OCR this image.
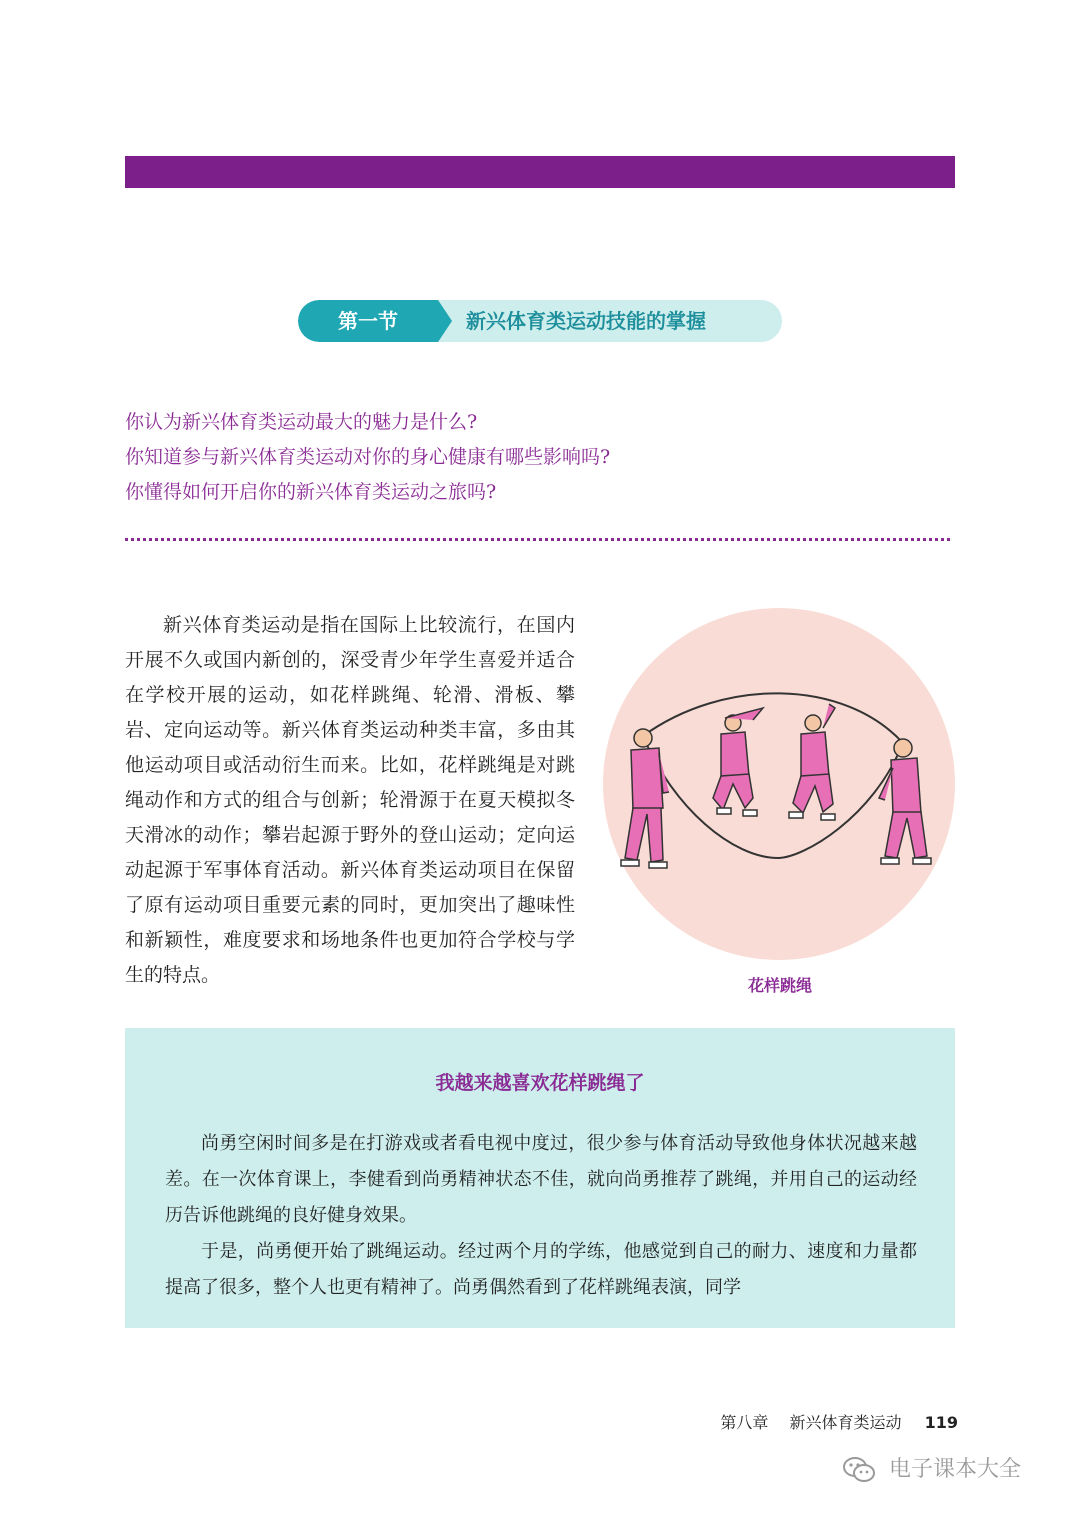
第一节	新兴体育类运动技能的掌握
你认为新兴体育类运动最大的魅力是什么?
你知道参与新兴体育类运动对你的身心健康有哪些影响吗?
你懂得如何开启你的新兴体育类运动之旅吗?

新兴体育类运动是指在国际上比较流行，在国内开展不久或国内新创的，深受青少年学生喜爱并适合在学校开展的运动，如花样跳绳、轮滑、滑板、攀岩、定向运动等。新兴体育类运动种类丰富，多由其他运动项目或活动衍生而来。比如，花样跳绳是对跳绳动作和方式的组合与创新；轮滑源于在夏天模拟冬天滑冰的动作；攀岩起源于野外的登山运动；定向运动起源于军事体育活动。新兴体育类运动项目在保留了原有运动项目重要元素的同时，更加突出了趣味性和新颖性，难度要求和场地条件也更加符合学校与学生的特点。	花样跳绳
我越来越喜欢花样跳绳了

尚勇空闲时间多是在打游戏或者看电视中度过，很少参与体育活动导致他身体状况越来越差。在一次体育课上，李健看到尚勇精神状态不佳，就向尚勇推荐了跳绳，并用自己的运动经历告诉他跳绳的良好健身效果。

于是，尚勇便开始了跳绳运动。经过两个月的学练，他感觉到自己的耐力、速度和力量都提高了很多，整个人也更有精神了。尚勇偶然看到了花样跳绳表演，同学

第八章 新兴体育类运动 119
电子课本大全
